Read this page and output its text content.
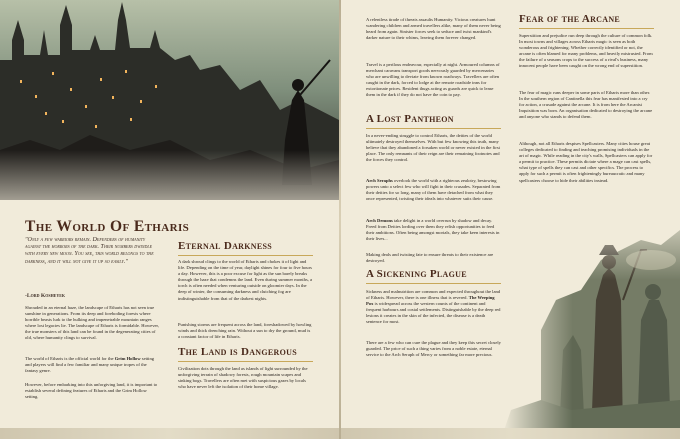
The World Of Etharis

"Only a few warriors remain. Defenders of humanity against the horrors of the dark. Their numbers dwindle with every new moon. You see, this world belongs to the darkness, and it will not give it up so easily."

-Lord Kosheyek

Shrouded in an eternal haze, the landscape of Etharis has not seen true sunshine in generations. From its deep and foreboding forests where horrible beasts lurk to the hulking and impenetrable mountain ranges where lost legacies lie. The landscape of Etharis is formidable. However, the true monsters of this land can be found in the degenerating cities of old, where humanity clings to survival.

The world of Etharis is the official world for the Grim Hollow setting and players will find a few familiar and many unique tropes of the fantasy genre.

However, before embarking into this unforgiving land, it is important to establish several defining features of Etharis and the Grim Hollow setting.

Eternal Darkness

A dark shroud clings to the world of Etharis and chokes it of light and life. Depending on the time of year, daylight shines for four to five hours a day. However, this is a poor excuse for light as the sun barely breaks through the haze that condemns the land. Even during summer months, a torch is often needed when venturing outside on gloomier days. In the deep of winter, the consuming darkness and clutching fog are indistinguishable from that of the darkest nights.

Punishing storms are frequent across the land, foreshadowed by howling winds and thick drenching rain. Without a sun to dry the ground, mud is a constant factor of life in Etharis.

The Land is Dangerous

Civilization dots through the land as islands of light surrounded by the unforgiving terrain of shadowy forests, rough mountain scapes and sinking bogs. Travellers are often met with suspicious gazes by locals who have never left the isolation of their home village.

A relentless tirade of threats assaults Humanity. Vicious creatures hunt wandering children and armed travellers alike, many of them never being heard from again. Sinister forces seek to seduce and twist mankind's darker nature to their whims, leaving them forever changed.

Travel is a perilous endeavour, especially at night. Armoured columns of merchant caravans transport goods nervously guarded by mercenaries who are unwilling to deviate from known roadways. Travellers are often caught in the dark, forced to lodge at the remote roadside inns for extortionate prices. Resident thugs acting as guards are quick to lease them in the dark if they do not have the coin to pay.

A Lost Pantheon

In a never-ending struggle to control Etharis, the deities of the world ultimately destroyed themselves. With but few knowing this truth, many believe that they abandoned a forsaken world or never existed in the first place. The only remnants of their reign are their remaining footnotes and the forces they control.

Arch Seraphs overlook the world with a righteous zealotry, bestowing powers unto a select few who will fight in their crusades. Separated from their deities for so long, many of them have detached from what they once represented, twisting their ideals into whatever suits their cause.

Arch Demons take delight in a world overrun by shadow and decay. Freed from Deities lording over them they relish opportunities to feed their ambitions. Often being amongst mortals, they take keen interests in their lives...

Making deals and twisting fate to ensure threats to their existence are destroyed.

A Sickening Plague

Sickness and malnutrition are common and expected throughout the land of Etharis. However, there is one illness that is revered. The Weeping Pox is widespread across the western counts of the continent and frequent harbours and costal settlements. Distinguishable by the deep red lesions it creates in the skin of the infected, the disease is a death sentence for most.

There are a few who can cure the plague and they keep this secret closely guarded. The price of such a thing varies from a noble estate, eternal service to the Arch Seraph of Mercy or something far more precious.

Fear of the Arcane

Superstition and prejudice run deep through the culture of common folk. In most towns and villages across Etharis magic is seen as both wonderous and frightening. Whether correctly identified or not, the arcane is often blamed for many problems, and heavily mistrusted. From the failure of a seasons crops to the success of a rival's business, many innocent people have been caught on the wrong end of superstition.

The fear of magic runs deeper in some parts of Etharis more than other. In the southern region of Cantinella this fear has manifested into a cry for action, a crusade against the arcane. It is from here the Arcanist Inquisition was born. An organisation dedicated to destroying the arcane and anyone who stands to defend them.

Although, not all Etharis despises Spellcasters. Many cities house great colleges dedicated to finding and teaching promising individuals in the art of magic. While reading in the city's walls, Spellcasters can apply for a permit to practice. These permits dictate where a mage can cast spells, what type of spells they can cast and other specifics. The process to apply for such a permit is often frighteningly bureaucratic and many spellcasters choose to hide their abilities instead.
